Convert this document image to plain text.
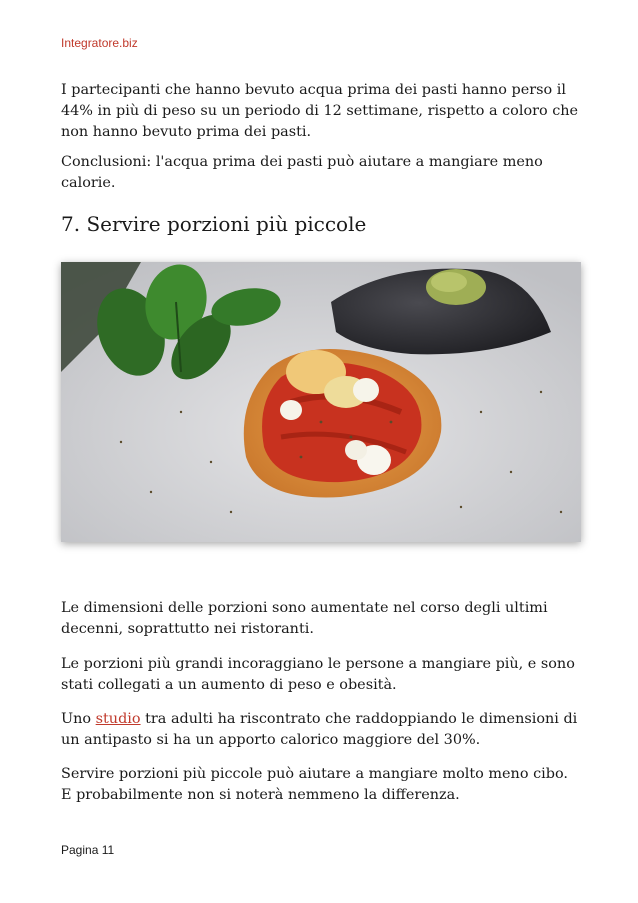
Integratore.biz

I partecipanti che hanno bevuto acqua prima dei pasti hanno perso il 44% in più di peso su un periodo di 12 settimane, rispetto a coloro che non hanno bevuto prima dei pasti.

Conclusioni: l'acqua prima dei pasti può aiutare a mangiare meno calorie.

7. Servire porzioni più piccole

Le dimensioni delle porzioni sono aumentate nel corso degli ultimi decenni, soprattutto nei ristoranti.

Le porzioni più grandi incoraggiano le persone a mangiare più, e sono stati collegati a un aumento di peso e obesità.

Uno studio tra adulti ha riscontrato che raddoppiando le dimensioni di un antipasto si ha un apporto calorico maggiore del 30%.

Servire porzioni più piccole può aiutare a mangiare molto meno cibo. E probabilmente non si noterà nemmeno la differenza.

Pagina 11
